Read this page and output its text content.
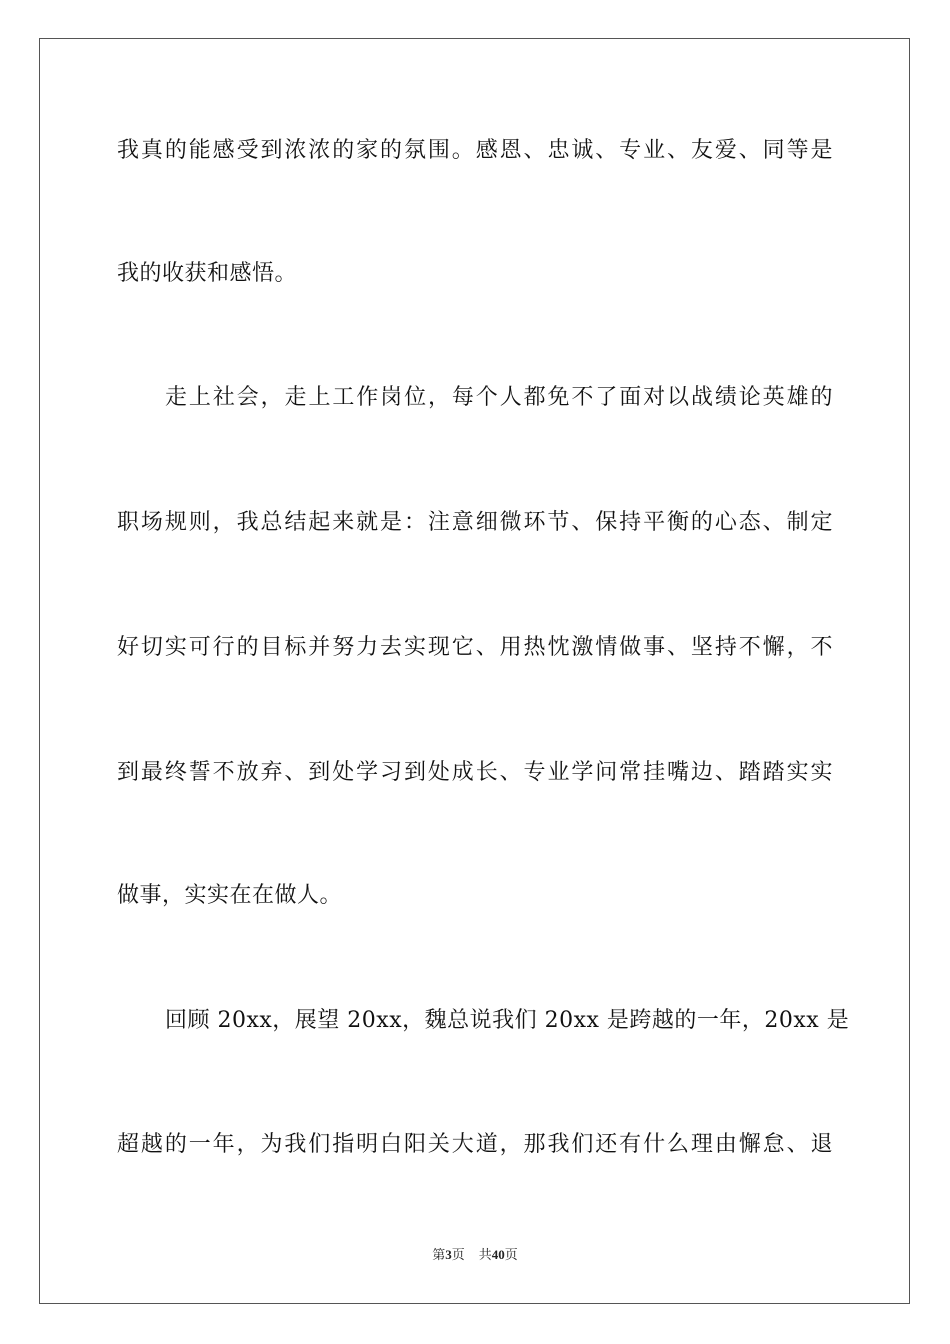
我真的能感受到浓浓的家的氛围。感恩、忠诚、专业、友爱、同等是
我的收获和感悟。
走上社会，走上工作岗位，每个人都免不了面对以战绩论英雄的
职场规则，我总结起来就是：注意细微环节、保持平衡的心态、制定
好切实可行的目标并努力去实现它、用热忱激情做事、坚持不懈，不
到最终誓不放弃、到处学习到处成长、专业学问常挂嘴边、踏踏实实
做事，实实在在做人。
回顾 20xx，展望 20xx，魏总说我们 20xx 是跨越的一年，20xx 是
超越的一年，为我们指明白阳关大道，那我们还有什么理由懈怠、退
第3页 共40页
